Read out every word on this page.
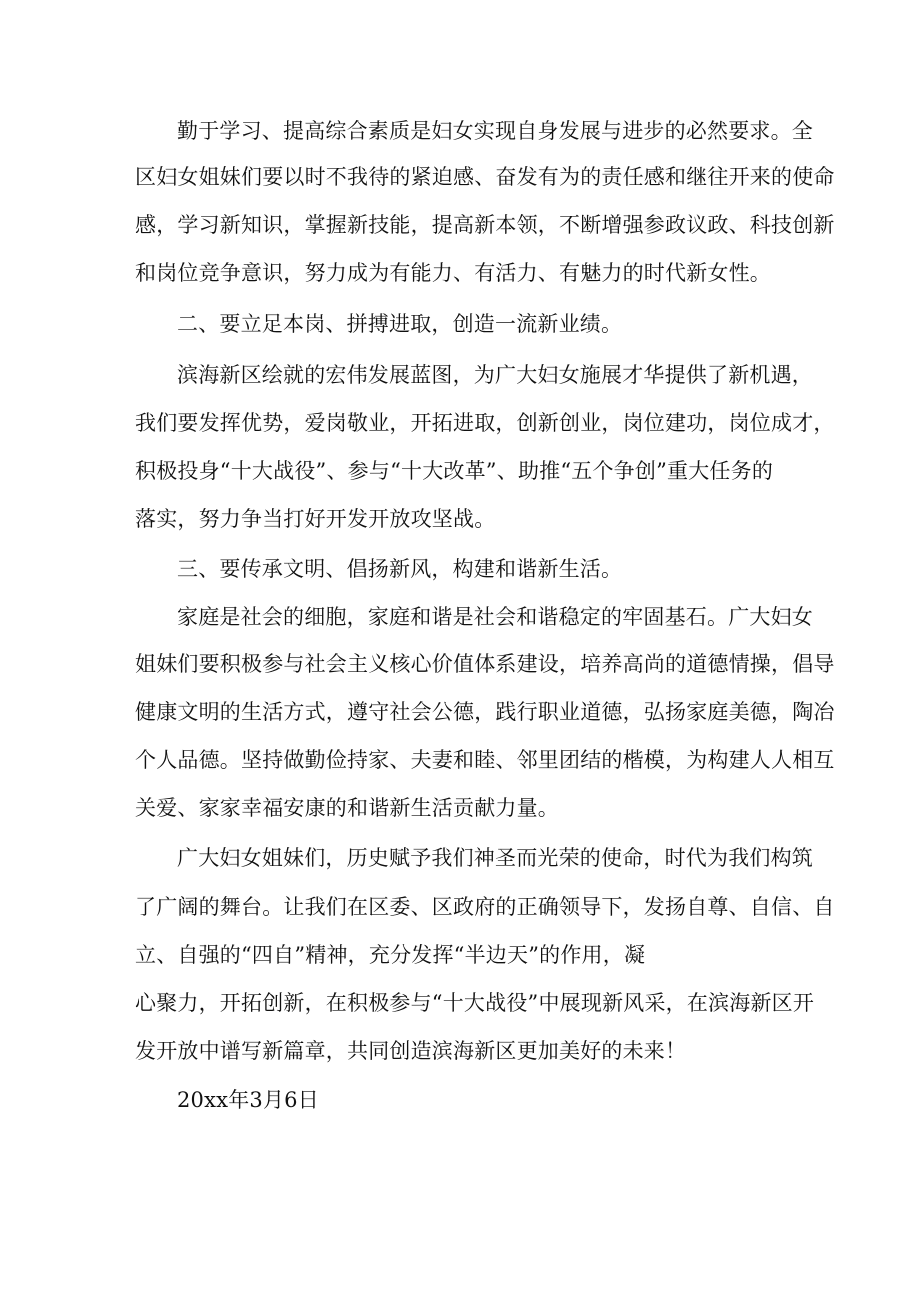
勤于学习、提高综合素质是妇女实现自身发展与进步的必然要求。全
区妇女姐妹们要以时不我待的紧迫感、奋发有为的责任感和继往开来的使命
感，学习新知识，掌握新技能，提高新本领，不断增强参政议政、科技创新
和岗位竞争意识，努力成为有能力、有活力、有魅力的时代新女性。
二、要立足本岗、拼搏进取，创造一流新业绩。
滨海新区绘就的宏伟发展蓝图，为广大妇女施展才华提供了新机遇，
我们要发挥优势，爱岗敬业，开拓进取，创新创业，岗位建功，岗位成才，
积极投身“十大战役”、参与“十大改革”、助推“五个争创”重大任务的
落实，努力争当打好开发开放攻坚战。
三、要传承文明、倡扬新风，构建和谐新生活。
家庭是社会的细胞，家庭和谐是社会和谐稳定的牢固基石。广大妇女
姐妹们要积极参与社会主义核心价值体系建设，培养高尚的道德情操，倡导
健康文明的生活方式，遵守社会公德，践行职业道德，弘扬家庭美德，陶冶
个人品德。坚持做勤俭持家、夫妻和睦、邻里团结的楷模，为构建人人相互
关爱、家家幸福安康的和谐新生活贡献力量。
广大妇女姐妹们，历史赋予我们神圣而光荣的使命，时代为我们构筑
了广阔的舞台。让我们在区委、区政府的正确领导下，发扬自尊、自信、自
立、自强的“四自”精神，充分发挥“半边天”的作用，凝
心聚力，开拓创新，在积极参与“十大战役”中展现新风采，在滨海新区开
发开放中谱写新篇章，共同创造滨海新区更加美好的未来！
20xx年3月6日
